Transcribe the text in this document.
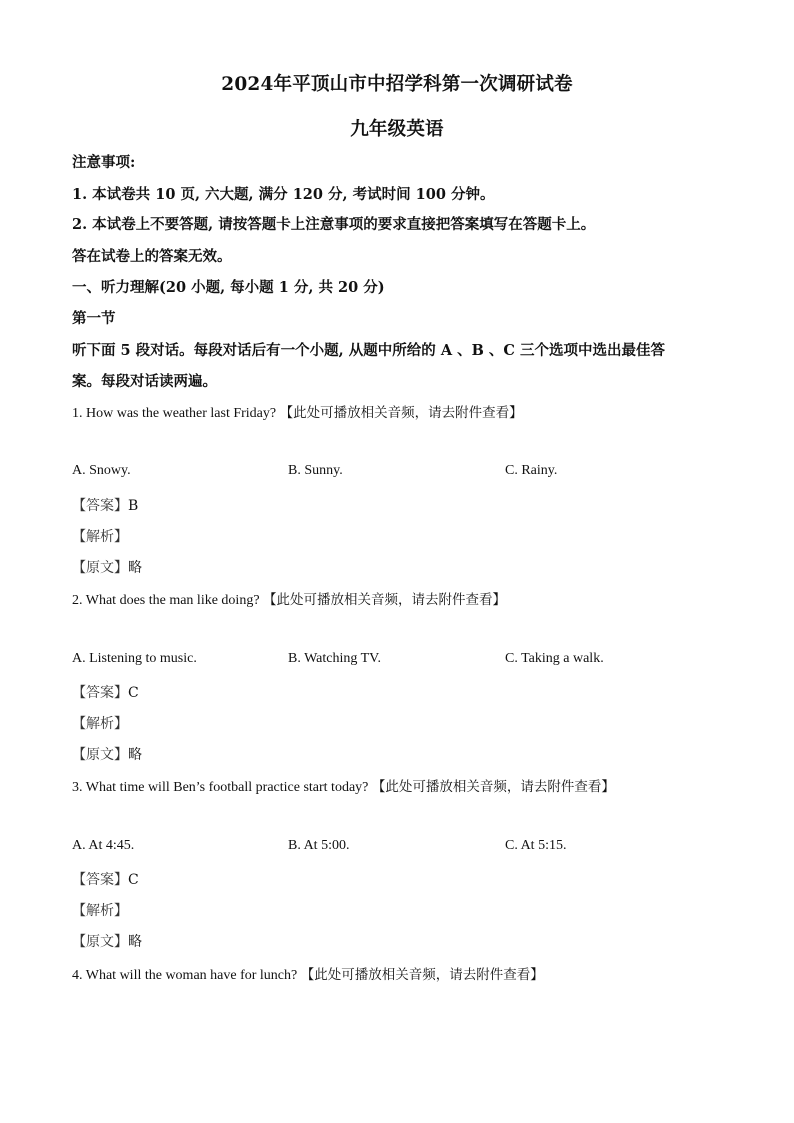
2024年平顶山市中招学科第一次调研试卷
九年级英语
注意事项:
1. 本试卷共 10 页, 六大题, 满分 120 分, 考试时间 100 分钟。
2. 本试卷上不要答题, 请按答题卡上注意事项的要求直接把答案填写在答题卡上。
答在试卷上的答案无效。
一、听力理解(20 小题, 每小题 1 分, 共 20 分)
第一节
听下面 5 段对话。每段对话后有一个小题, 从题中所给的 A 、B 、C 三个选项中选出最佳答
案。每段对话读两遍。
1. How was the weather last Friday? 【此处可播放相关音频，请去附件查看】
A. Snowy.	B. Sunny.	C. Rainy.
【答案】B
【解析】
【原文】略
2. What does the man like doing? 【此处可播放相关音频，请去附件查看】
A. Listening to music.	B. Watching TV.	C. Taking a walk.
【答案】C
【解析】
【原文】略
3. What time will Ben’s football practice start today? 【此处可播放相关音频，请去附件查看】
A. At 4:45.	B. At 5:00.	C. At 5:15.
【答案】C
【解析】
【原文】略
4. What will the woman have for lunch? 【此处可播放相关音频，请去附件查看】
